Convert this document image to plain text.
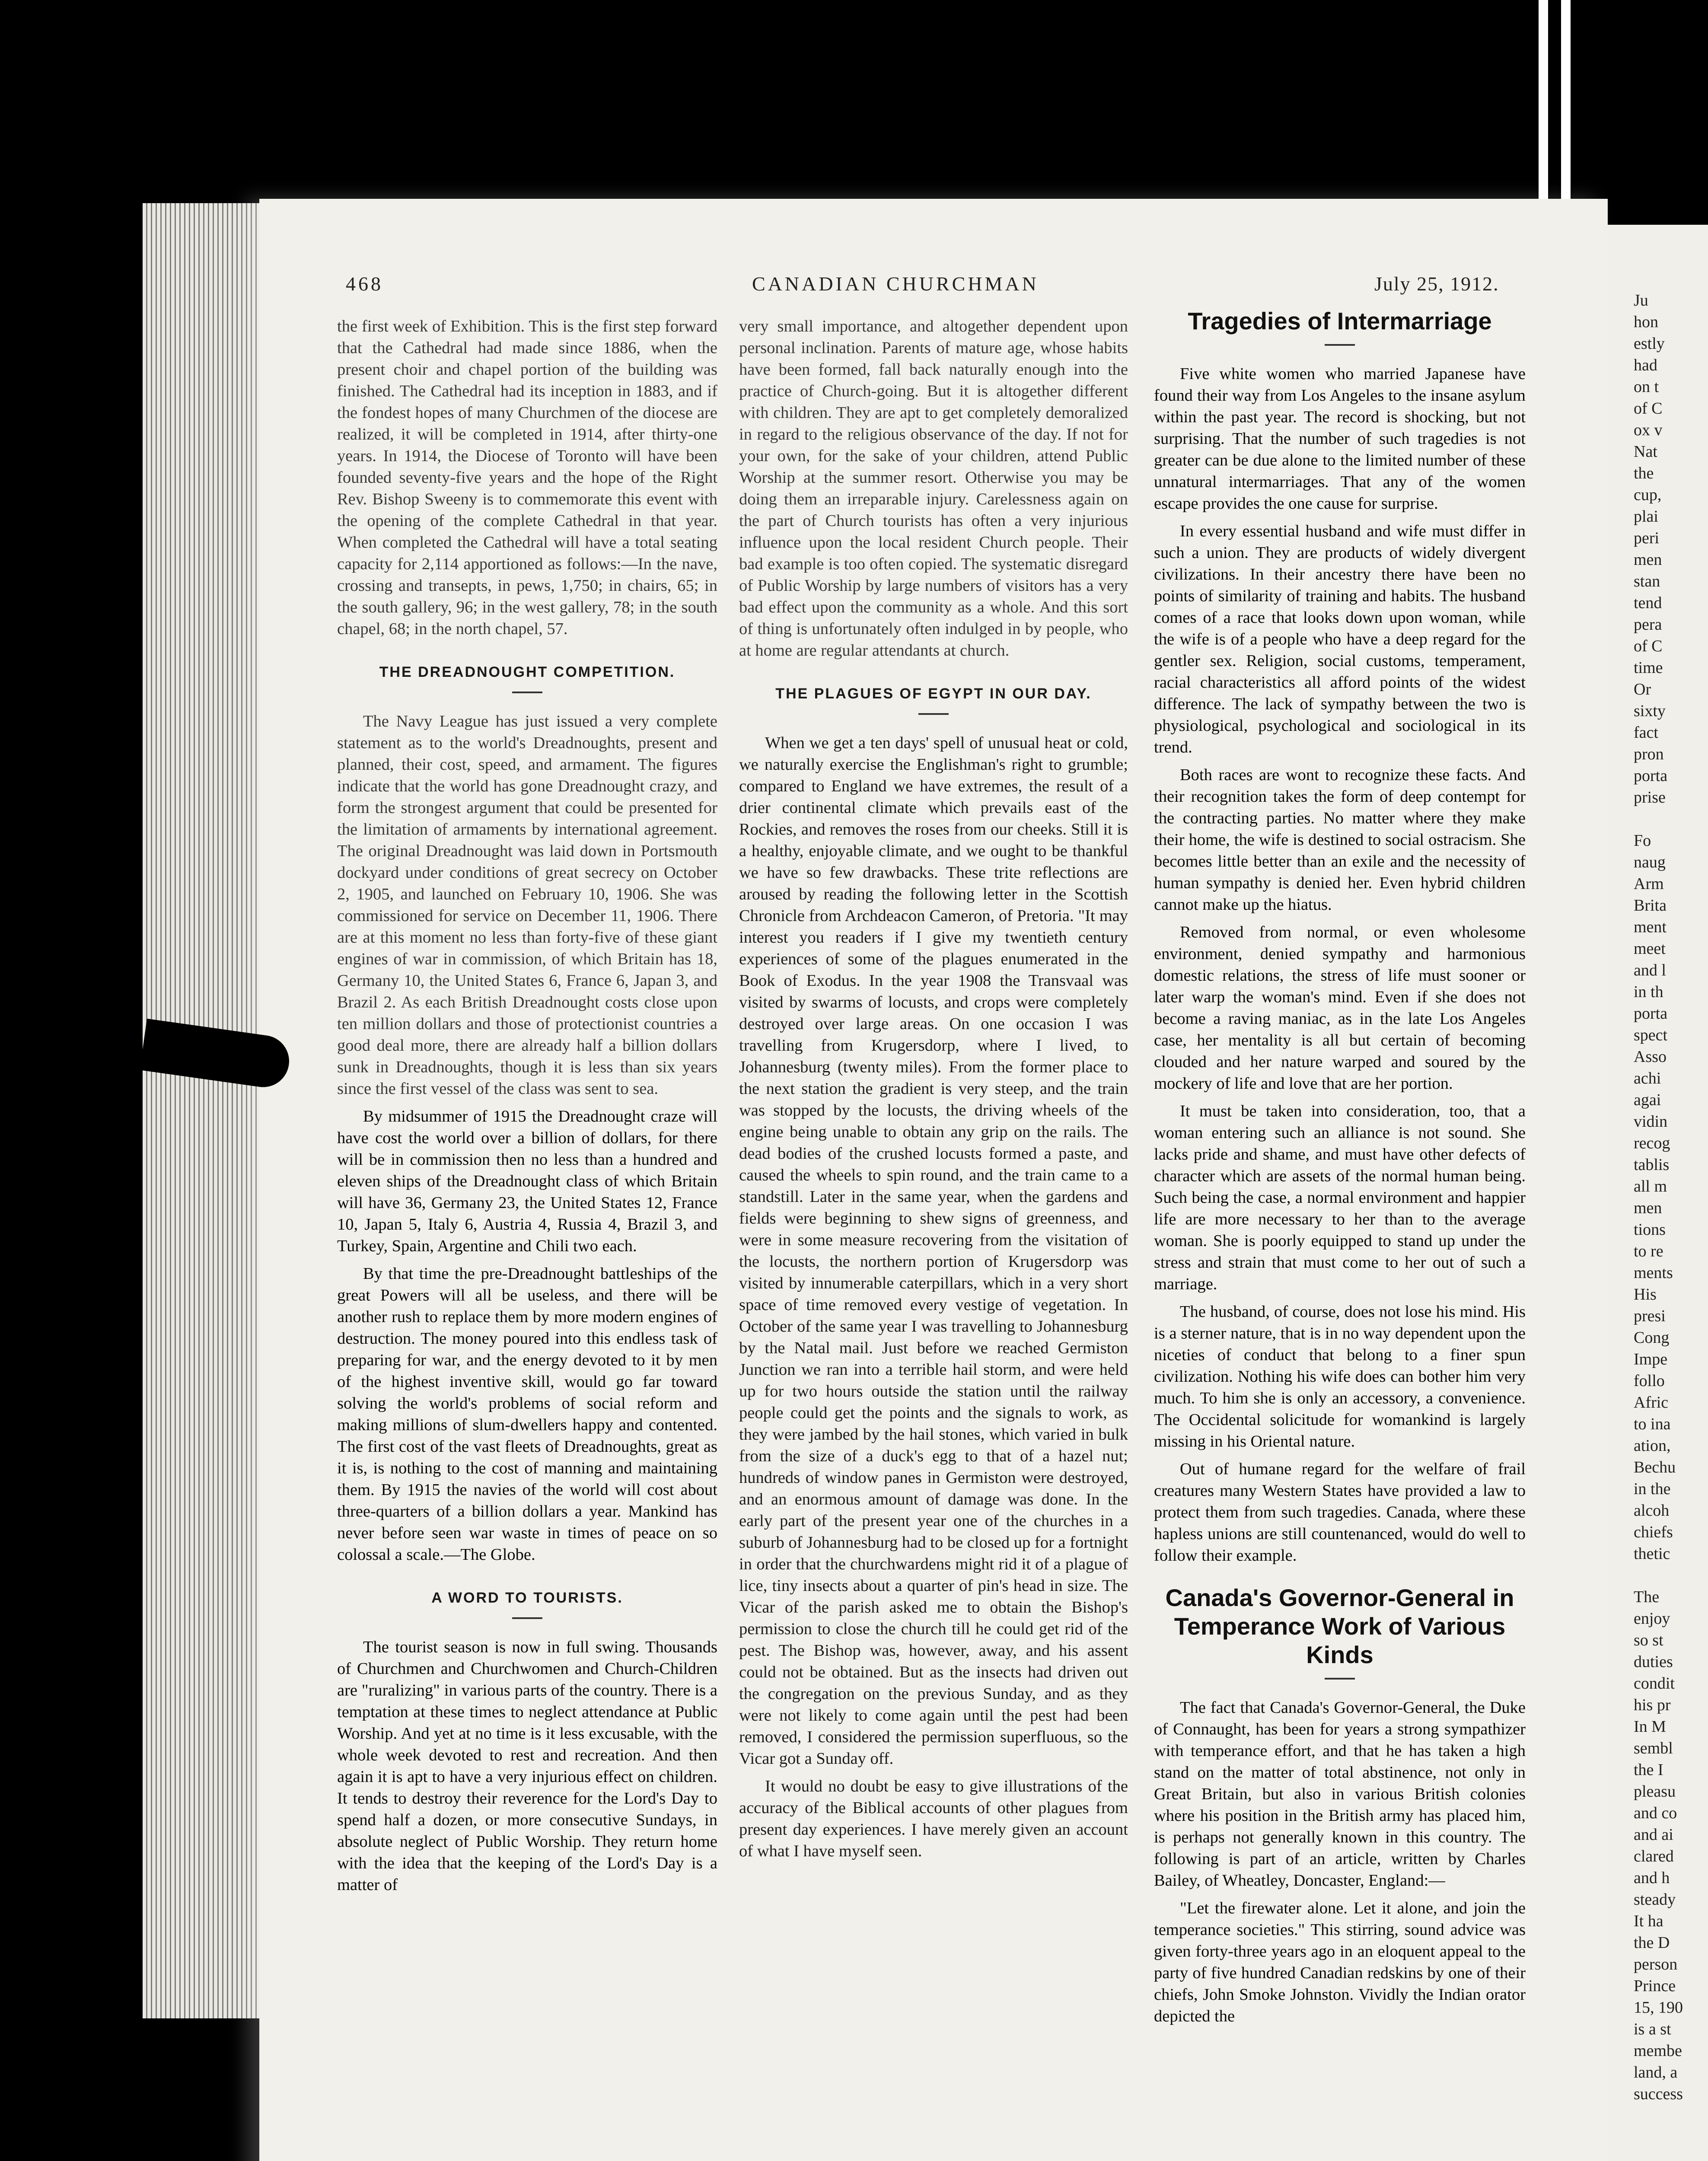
Ju
hon
estly
had
on t
of C
ox v
Nat
the
cup,
plai
peri
men
stan
tend
pera
of C
time
Or
sixty
fact
pron
porta
prise

Fo
naug
Arm
Brita
ment
meet
and l
in th
porta
spect
Asso
achi
agai
vidin
recog
tablis
all m
men
tions
to re
ments
His
presi
Cong
Impe
follo
Afric
to ina
ation,
Bechu
in the
alcoh
chiefs
thetic

The
enjoy
so st
duties
condit
his pr
In M
sembl
the I
pleasu
and co
and ai
clared
and h
steady
It ha
the D
person
Prince
15, 190
is a st
membe
land, a
success
468	CANADIAN CHURCHMAN	July 25, 1912.

the first week of Exhibition. This is the first step forward that the Cathedral had made since 1886, when the present choir and chapel portion of the building was finished. The Cathedral had its inception in 1883, and if the fondest hopes of many Churchmen of the diocese are realized, it will be completed in 1914, after thirty-one years. In 1914, the Diocese of Toronto will have been founded seventy-five years and the hope of the Right Rev. Bishop Sweeny is to commemorate this event with the opening of the complete Cathedral in that year. When completed the Cathedral will have a total seating capacity for 2,114 apportioned as follows:—In the nave, crossing and transepts, in pews, 1,750; in chairs, 65; in the south gallery, 96; in the west gallery, 78; in the south chapel, 68; in the north chapel, 57.

THE DREADNOUGHT COMPETITION.

The Navy League has just issued a very complete statement as to the world's Dreadnoughts, present and planned, their cost, speed, and armament. The figures indicate that the world has gone Dreadnought crazy, and form the strongest argument that could be presented for the limitation of armaments by international agreement. The original Dreadnought was laid down in Portsmouth dockyard under conditions of great secrecy on October 2, 1905, and launched on February 10, 1906. She was commissioned for service on December 11, 1906. There are at this moment no less than forty-five of these giant engines of war in commission, of which Britain has 18, Germany 10, the United States 6, France 6, Japan 3, and Brazil 2. As each British Dreadnought costs close upon ten million dollars and those of protectionist countries a good deal more, there are already half a billion dollars sunk in Dreadnoughts, though it is less than six years since the first vessel of the class was sent to sea.

By midsummer of 1915 the Dreadnought craze will have cost the world over a billion of dollars, for there will be in commission then no less than a hundred and eleven ships of the Dreadnought class of which Britain will have 36, Germany 23, the United States 12, France 10, Japan 5, Italy 6, Austria 4, Russia 4, Brazil 3, and Turkey, Spain, Argentine and Chili two each.

By that time the pre-Dreadnought battleships of the great Powers will all be useless, and there will be another rush to replace them by more modern engines of destruction. The money poured into this endless task of preparing for war, and the energy devoted to it by men of the highest inventive skill, would go far toward solving the world's problems of social reform and making millions of slum-dwellers happy and contented. The first cost of the vast fleets of Dreadnoughts, great as it is, is nothing to the cost of manning and maintaining them. By 1915 the navies of the world will cost about three-quarters of a billion dollars a year. Mankind has never before seen war waste in times of peace on so colossal a scale.—The Globe.

A WORD TO TOURISTS.

The tourist season is now in full swing. Thousands of Churchmen and Churchwomen and Church-Children are "ruralizing" in various parts of the country. There is a temptation at these times to neglect attendance at Public Worship. And yet at no time is it less excusable, with the whole week devoted to rest and recreation. And then again it is apt to have a very injurious effect on children. It tends to destroy their reverence for the Lord's Day to spend half a dozen, or more consecutive Sundays, in absolute neglect of Public Worship. They return home with the idea that the keeping of the Lord's Day is a matter of

very small importance, and altogether dependent upon personal inclination. Parents of mature age, whose habits have been formed, fall back naturally enough into the practice of Church-going. But it is altogether different with children. They are apt to get completely demoralized in regard to the religious observance of the day. If not for your own, for the sake of your children, attend Public Worship at the summer resort. Otherwise you may be doing them an irreparable injury. Carelessness again on the part of Church tourists has often a very injurious influence upon the local resident Church people. Their bad example is too often copied. The systematic disregard of Public Worship by large numbers of visitors has a very bad effect upon the community as a whole. And this sort of thing is unfortunately often indulged in by people, who at home are regular attendants at church.

THE PLAGUES OF EGYPT IN OUR DAY.

When we get a ten days' spell of unusual heat or cold, we naturally exercise the Englishman's right to grumble; compared to England we have extremes, the result of a drier continental climate which prevails east of the Rockies, and removes the roses from our cheeks. Still it is a healthy, enjoyable climate, and we ought to be thankful we have so few drawbacks. These trite reflections are aroused by reading the following letter in the Scottish Chronicle from Archdeacon Cameron, of Pretoria. "It may interest you readers if I give my twentieth century experiences of some of the plagues enumerated in the Book of Exodus. In the year 1908 the Transvaal was visited by swarms of locusts, and crops were completely destroyed over large areas. On one occasion I was travelling from Krugersdorp, where I lived, to Johannesburg (twenty miles). From the former place to the next station the gradient is very steep, and the train was stopped by the locusts, the driving wheels of the engine being unable to obtain any grip on the rails. The dead bodies of the crushed locusts formed a paste, and caused the wheels to spin round, and the train came to a standstill. Later in the same year, when the gardens and fields were beginning to shew signs of greenness, and were in some measure recovering from the visitation of the locusts, the northern portion of Krugersdorp was visited by innumerable caterpillars, which in a very short space of time removed every vestige of vegetation. In October of the same year I was travelling to Johannesburg by the Natal mail. Just before we reached Germiston Junction we ran into a terrible hail storm, and were held up for two hours outside the station until the railway people could get the points and the signals to work, as they were jambed by the hail stones, which varied in bulk from the size of a duck's egg to that of a hazel nut; hundreds of window panes in Germiston were destroyed, and an enormous amount of damage was done. In the early part of the present year one of the churches in a suburb of Johannesburg had to be closed up for a fortnight in order that the churchwardens might rid it of a plague of lice, tiny insects about a quarter of pin's head in size. The Vicar of the parish asked me to obtain the Bishop's permission to close the church till he could get rid of the pest. The Bishop was, however, away, and his assent could not be obtained. But as the insects had driven out the congregation on the previous Sunday, and as they were not likely to come again until the pest had been removed, I considered the permission superfluous, so the Vicar got a Sunday off.

It would no doubt be easy to give illustrations of the accuracy of the Biblical accounts of other plagues from present day experiences. I have merely given an account of what I have myself seen.

Tragedies of Intermarriage

Five white women who married Japanese have found their way from Los Angeles to the insane asylum within the past year. The record is shocking, but not surprising. That the number of such tragedies is not greater can be due alone to the limited number of these unnatural intermarriages. That any of the women escape provides the one cause for surprise.

In every essential husband and wife must differ in such a union. They are products of widely divergent civilizations. In their ancestry there have been no points of similarity of training and habits. The husband comes of a race that looks down upon woman, while the wife is of a people who have a deep regard for the gentler sex. Religion, social customs, temperament, racial characteristics all afford points of the widest difference. The lack of sympathy between the two is physiological, psychological and sociological in its trend.

Both races are wont to recognize these facts. And their recognition takes the form of deep contempt for the contracting parties. No matter where they make their home, the wife is destined to social ostracism. She becomes little better than an exile and the necessity of human sympathy is denied her. Even hybrid children cannot make up the hiatus.

Removed from normal, or even wholesome environment, denied sympathy and harmonious domestic relations, the stress of life must sooner or later warp the woman's mind. Even if she does not become a raving maniac, as in the late Los Angeles case, her mentality is all but certain of becoming clouded and her nature warped and soured by the mockery of life and love that are her portion.

It must be taken into consideration, too, that a woman entering such an alliance is not sound. She lacks pride and shame, and must have other defects of character which are assets of the normal human being. Such being the case, a normal environment and happier life are more necessary to her than to the average woman. She is poorly equipped to stand up under the stress and strain that must come to her out of such a marriage.

The husband, of course, does not lose his mind. His is a sterner nature, that is in no way dependent upon the niceties of conduct that belong to a finer spun civilization. Nothing his wife does can bother him very much. To him she is only an accessory, a convenience. The Occidental solicitude for womankind is largely missing in his Oriental nature.

Out of humane regard for the welfare of frail creatures many Western States have provided a law to protect them from such tragedies. Canada, where these hapless unions are still countenanced, would do well to follow their example.

Canada's Governor-General in Temperance Work of Various Kinds

The fact that Canada's Governor-General, the Duke of Connaught, has been for years a strong sympathizer with temperance effort, and that he has taken a high stand on the matter of total abstinence, not only in Great Britain, but also in various British colonies where his position in the British army has placed him, is perhaps not generally known in this country. The following is part of an article, written by Charles Bailey, of Wheatley, Doncaster, England:—

"Let the firewater alone. Let it alone, and join the temperance societies." This stirring, sound advice was given forty-three years ago in an eloquent appeal to the party of five hundred Canadian redskins by one of their chiefs, John Smoke Johnston. Vividly the Indian orator depicted the
